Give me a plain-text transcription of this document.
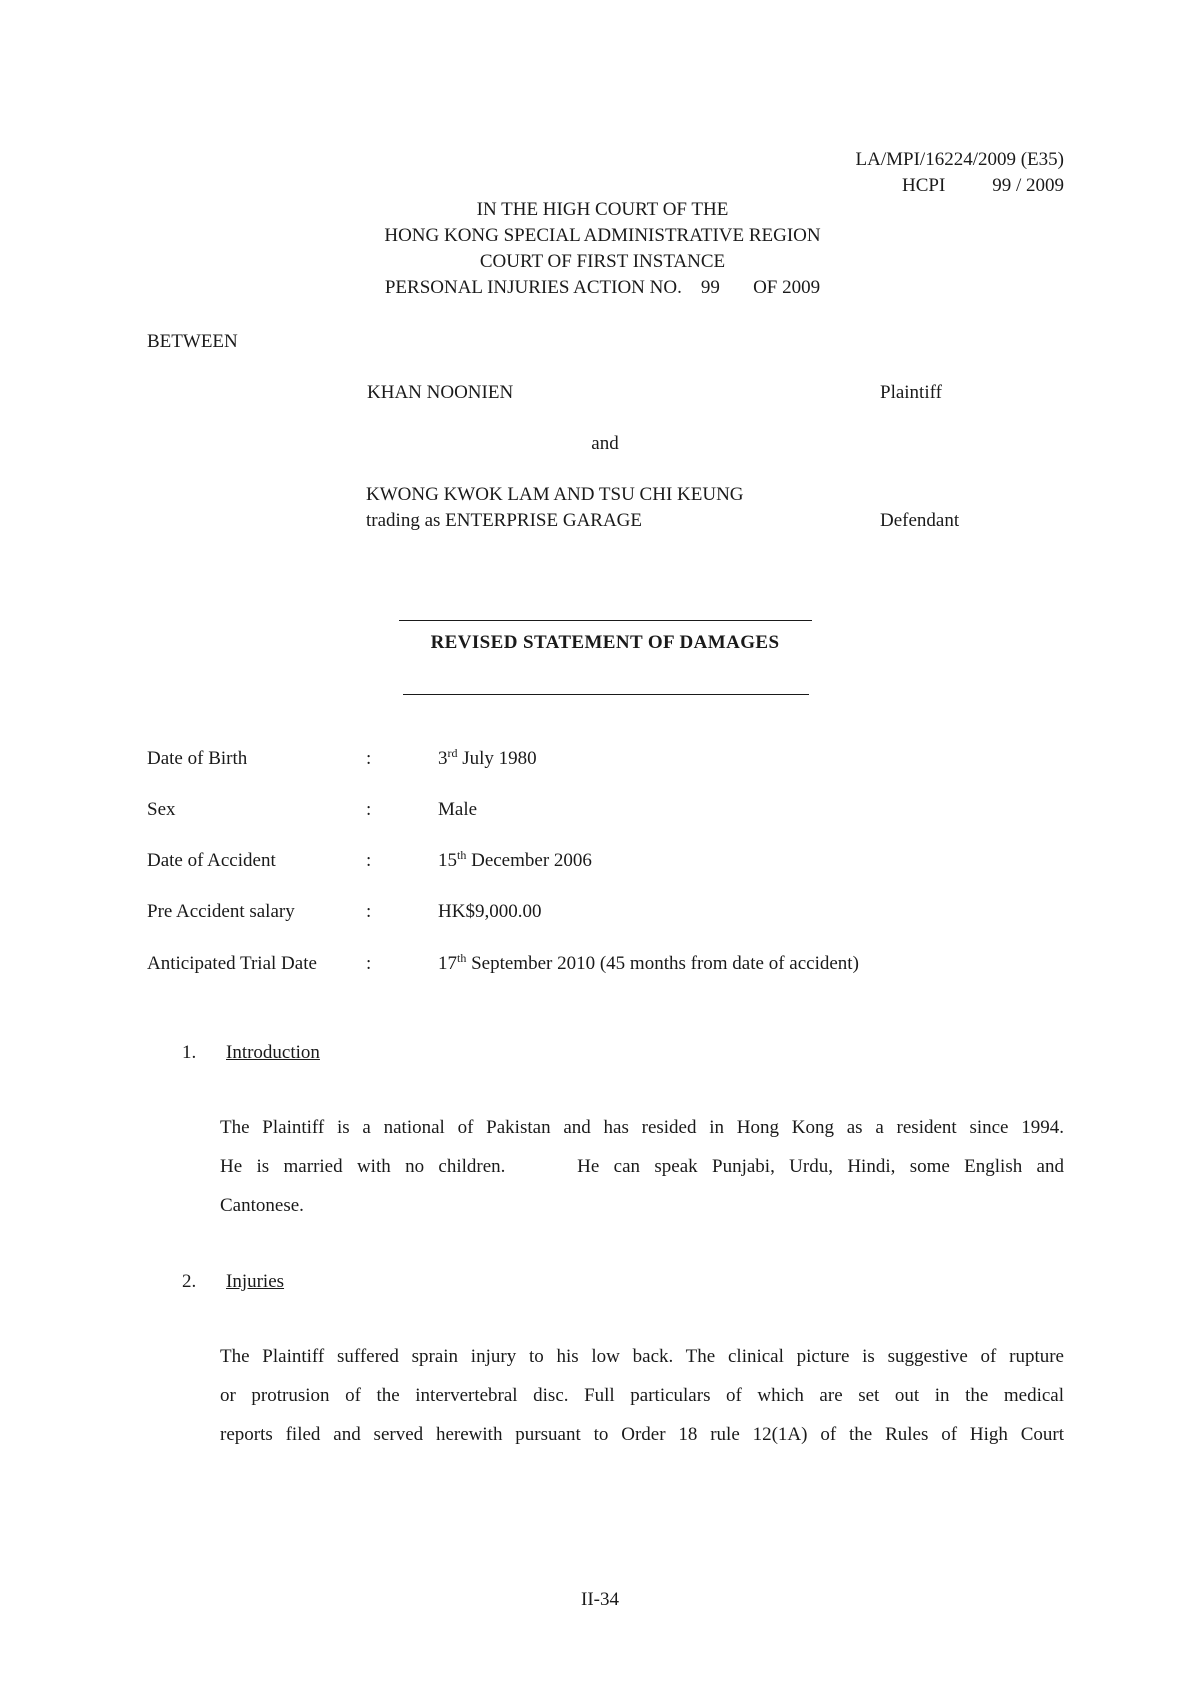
LA/MPI/16224/2009 (E35)
HCPI	99 / 2009
IN THE HIGH COURT OF THE
HONG KONG SPECIAL ADMINISTRATIVE REGION
COURT OF FIRST INSTANCE
PERSONAL INJURIES ACTION NO.    99       OF 2009
BETWEEN
KHAN NOONIEN	Plaintiff
and
KWONG KWOK LAM AND TSU CHI KEUNG
trading as ENTERPRISE GARAGE	Defendant
REVISED STATEMENT OF DAMAGES
Date of Birth	:	3rd July 1980
Sex	:	Male
Date of Accident	:	15th December 2006
Pre Accident salary	:	HK$9,000.00
Anticipated Trial Date	:	17th September 2010 (45 months from date of accident)
1. Introduction
The Plaintiff is a national of Pakistan and has resided in Hong Kong as a resident since 1994.
He is married with no children.     He can speak Punjabi, Urdu, Hindi, some English and
Cantonese.
2. Injuries
The Plaintiff suffered sprain injury to his low back. The clinical picture is suggestive of rupture
or protrusion of the intervertebral disc. Full particulars of which are set out in the medical
reports filed and served herewith pursuant to Order 18 rule 12(1A) of the Rules of High Court
II-34
